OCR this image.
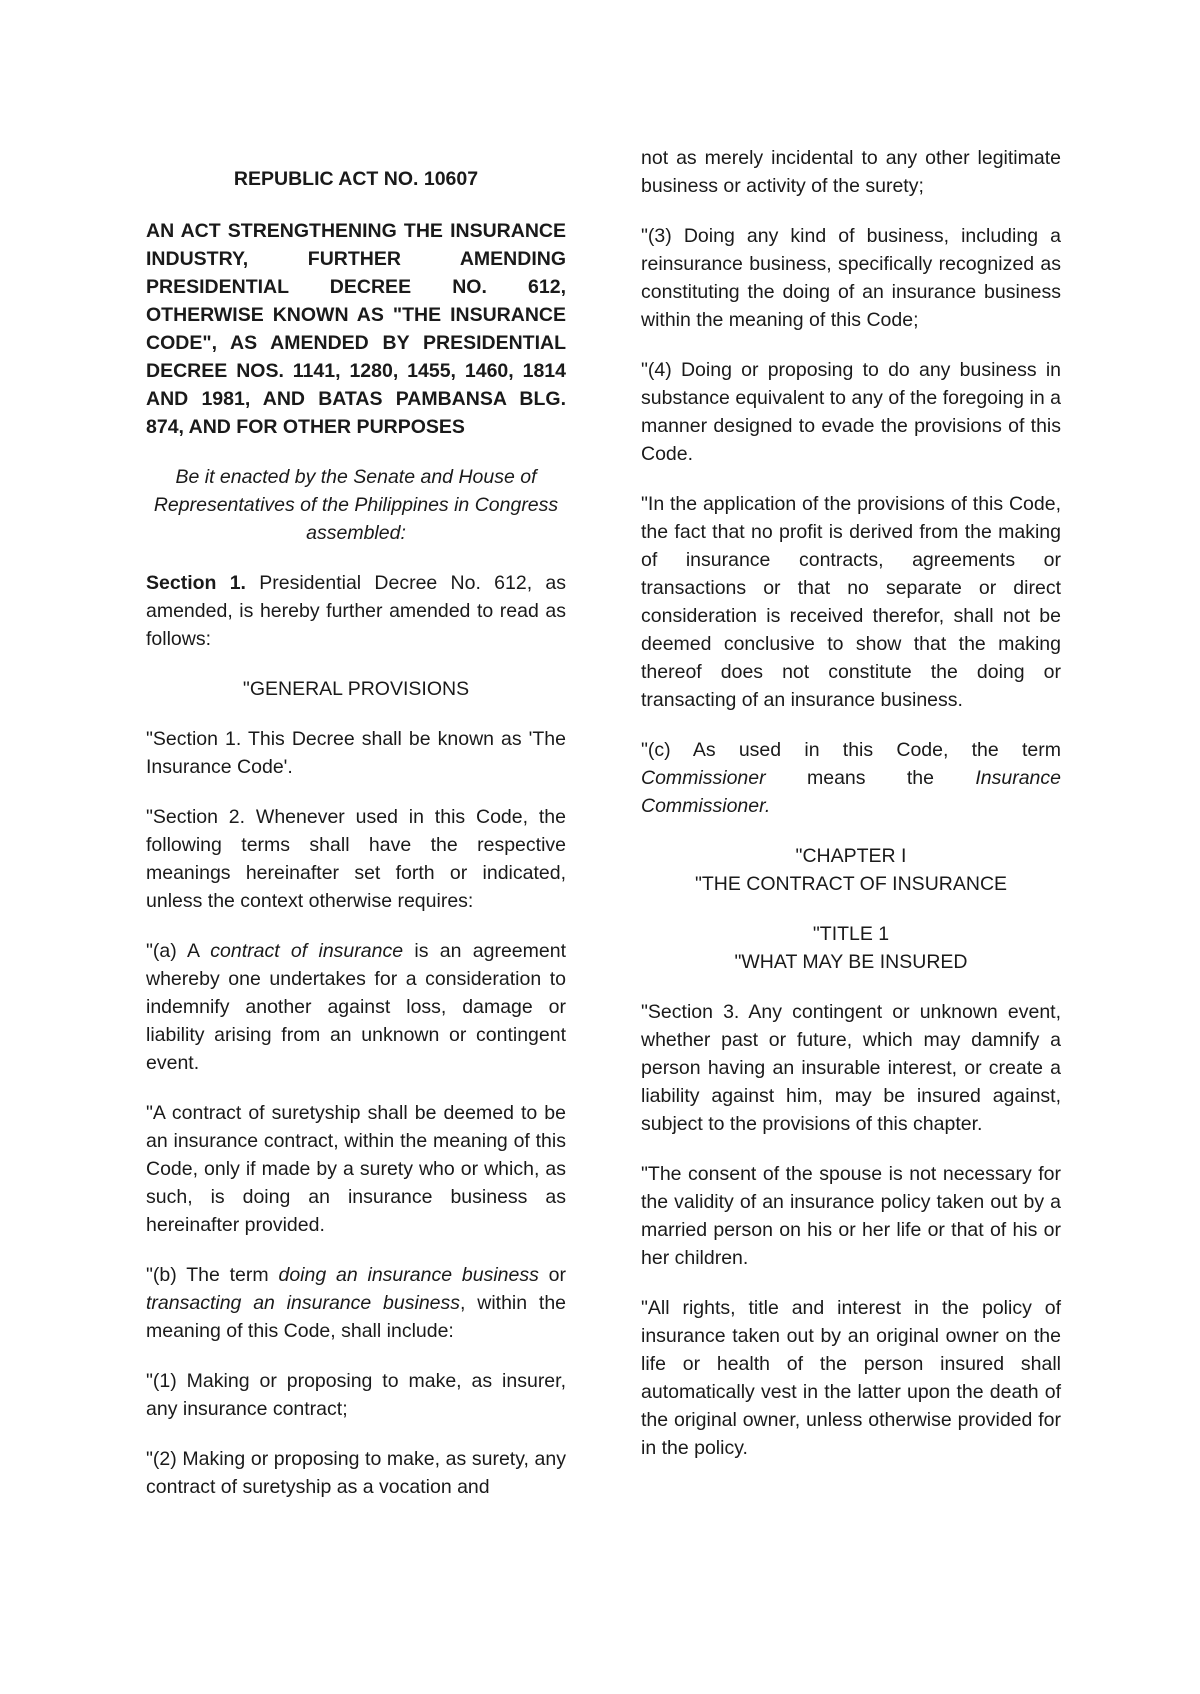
REPUBLIC ACT NO. 10607

AN ACT STRENGTHENING THE INSURANCE INDUSTRY, FURTHER AMENDING PRESIDENTIAL DECREE NO. 612, OTHERWISE KNOWN AS "THE INSURANCE CODE", AS AMENDED BY PRESIDENTIAL DECREE NOS. 1141, 1280, 1455, 1460, 1814 AND 1981, AND BATAS PAMBANSA BLG. 874, AND FOR OTHER PURPOSES

Be it enacted by the Senate and House of Representatives of the Philippines in Congress assembled:

Section 1. Presidential Decree No. 612, as amended, is hereby further amended to read as follows:

"GENERAL PROVISIONS

"Section 1. This Decree shall be known as 'The Insurance Code'.

"Section 2. Whenever used in this Code, the following terms shall have the respective meanings hereinafter set forth or indicated, unless the context otherwise requires:

"(a) A contract of insurance is an agreement whereby one undertakes for a consideration to indemnify another against loss, damage or liability arising from an unknown or contingent event.

"A contract of suretyship shall be deemed to be an insurance contract, within the meaning of this Code, only if made by a surety who or which, as such, is doing an insurance business as hereinafter provided.

"(b) The term doing an insurance business or transacting an insurance business, within the meaning of this Code, shall include:

"(1) Making or proposing to make, as insurer, any insurance contract;

"(2) Making or proposing to make, as surety, any contract of suretyship as a vocation and

not as merely incidental to any other legitimate business or activity of the surety;

"(3) Doing any kind of business, including a reinsurance business, specifically recognized as constituting the doing of an insurance business within the meaning of this Code;

"(4) Doing or proposing to do any business in substance equivalent to any of the foregoing in a manner designed to evade the provisions of this Code.

"In the application of the provisions of this Code, the fact that no profit is derived from the making of insurance contracts, agreements or transactions or that no separate or direct consideration is received therefor, shall not be deemed conclusive to show that the making thereof does not constitute the doing or transacting of an insurance business.

"(c) As used in this Code, the term Commissioner means the Insurance Commissioner.

"CHAPTER I
"THE CONTRACT OF INSURANCE
"TITLE 1
"WHAT MAY BE INSURED

"Section 3. Any contingent or unknown event, whether past or future, which may damnify a person having an insurable interest, or create a liability against him, may be insured against, subject to the provisions of this chapter.

"The consent of the spouse is not necessary for the validity of an insurance policy taken out by a married person on his or her life or that of his or her children.

"All rights, title and interest in the policy of insurance taken out by an original owner on the life or health of the person insured shall automatically vest in the latter upon the death of the original owner, unless otherwise provided for in the policy.
